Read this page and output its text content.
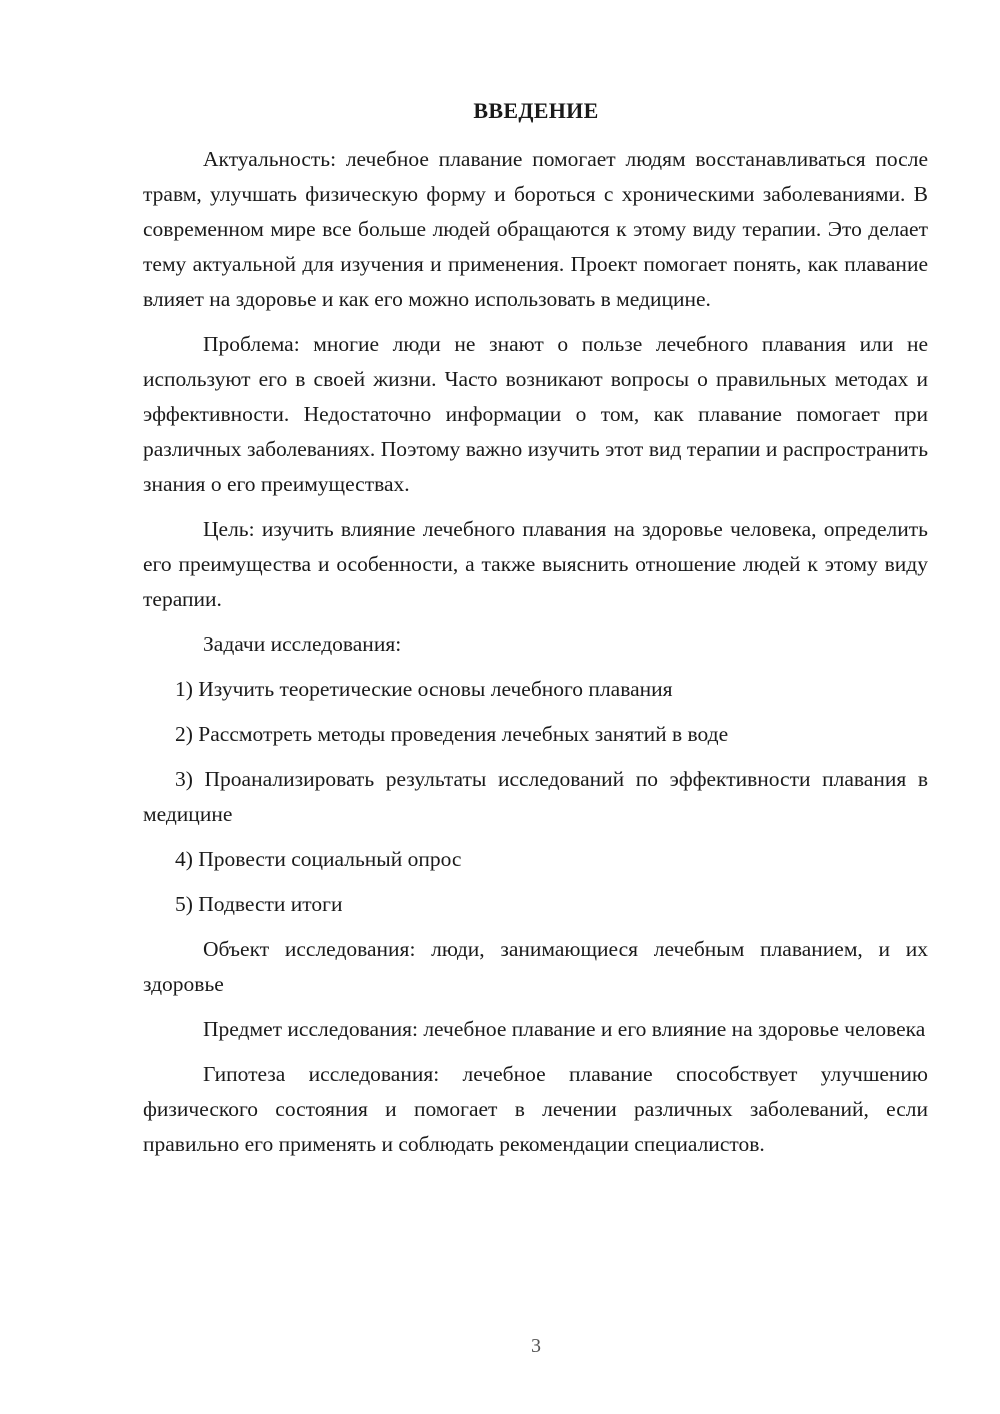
ВВЕДЕНИЕ

Актуальность: лечебное плавание помогает людям восстанавливаться после травм, улучшать физическую форму и бороться с хроническими заболеваниями. В современном мире все больше людей обращаются к этому виду терапии. Это делает тему актуальной для изучения и применения. Проект помогает понять, как плавание влияет на здоровье и как его можно использовать в медицине.

Проблема: многие люди не знают о пользе лечебного плавания или не используют его в своей жизни. Часто возникают вопросы о правильных методах и эффективности. Недостаточно информации о том, как плавание помогает при различных заболеваниях. Поэтому важно изучить этот вид терапии и распространить знания о его преимуществах.

Цель: изучить влияние лечебного плавания на здоровье человека, определить его преимущества и особенности, а также выяснить отношение людей к этому виду терапии.

Задачи исследования:

1) Изучить теоретические основы лечебного плавания

2) Рассмотреть методы проведения лечебных занятий в воде

3) Проанализировать результаты исследований по эффективности плавания в медицине

4) Провести социальный опрос

5) Подвести итоги

Объект исследования: люди, занимающиеся лечебным плаванием, и их здоровье

Предмет исследования: лечебное плавание и его влияние на здоровье человека

Гипотеза исследования: лечебное плавание способствует улучшению физического состояния и помогает в лечении различных заболеваний, если правильно его применять и соблюдать рекомендации специалистов.

3
